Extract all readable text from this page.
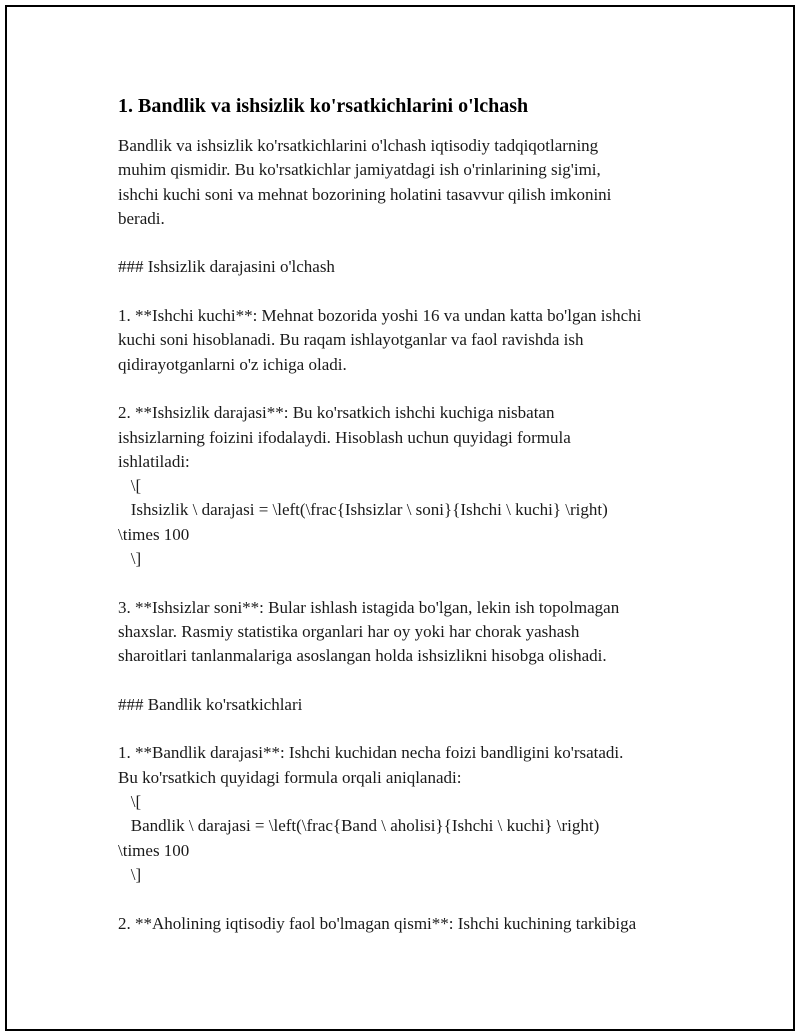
1. Bandlik va ishsizlik ko'rsatkichlarini o'lchash

Bandlik va ishsizlik ko'rsatkichlarini o'lchash iqtisodiy tadqiqotlarning
muhim qismidir. Bu ko'rsatkichlar jamiyatdagi ish o'rinlarining sig'imi,
ishchi kuchi soni va mehnat bozorining holatini tasavvur qilish imkonini
beradi.

### Ishsizlik darajasini o'lchash

1. **Ishchi kuchi**: Mehnat bozorida yoshi 16 va undan katta bo'lgan ishchi
kuchi soni hisoblanadi. Bu raqam ishlayotganlar va faol ravishda ish
qidirayotganlarni o'z ichiga oladi.

2. **Ishsizlik darajasi**: Bu ko'rsatkich ishchi kuchiga nisbatan
ishsizlarning foizini ifodalaydi. Hisoblash uchun quyidagi formula
ishlatiladi:
\[
Ishsizlik \ darajasi = \left(\frac{Ishsizlar \ soni}{Ishchi \ kuchi} \right)
\times 100
\]

3. **Ishsizlar soni**: Bular ishlash istagida bo'lgan, lekin ish topolmagan
shaxslar. Rasmiy statistika organlari har oy yoki har chorak yashash
sharoitlari tanlanmalariga asoslangan holda ishsizlikni hisobga olishadi.

### Bandlik ko'rsatkichlari

1. **Bandlik darajasi**: Ishchi kuchidan necha foizi bandligini ko'rsatadi.
Bu ko'rsatkich quyidagi formula orqali aniqlanadi:
\[
Bandlik \ darajasi = \left(\frac{Band \ aholisi}{Ishchi \ kuchi} \right)
\times 100
\]

2. **Aholining iqtisodiy faol bo'lmagan qismi**: Ishchi kuchining tarkibiga
